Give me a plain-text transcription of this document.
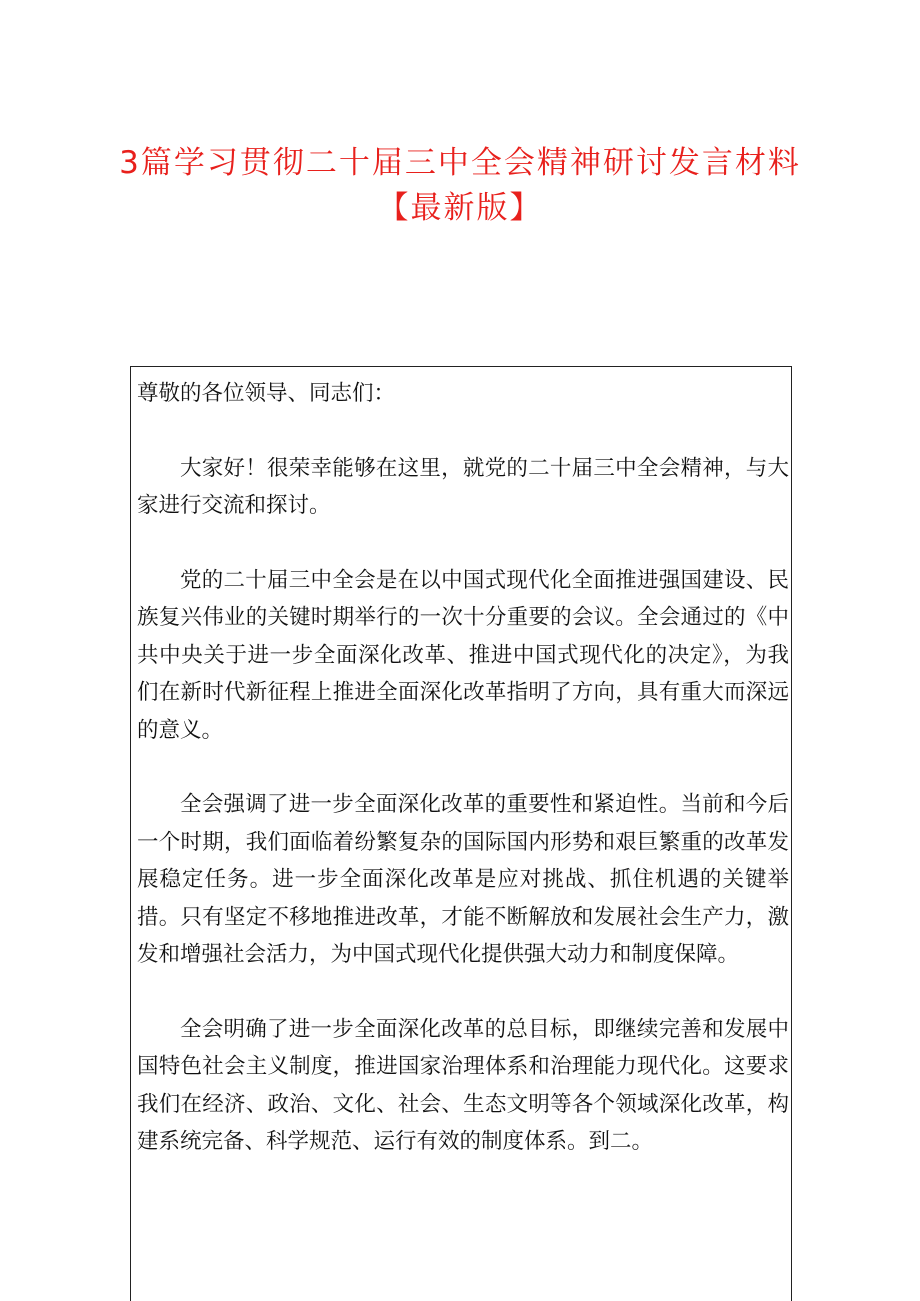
3篇学习贯彻二十届三中全会精神研讨发言材料
【最新版】

尊敬的各位领导、同志们：

大家好！很荣幸能够在这里，就党的二十届三中全会精神，与大家进行交流和探讨。

党的二十届三中全会是在以中国式现代化全面推进强国建设、民族复兴伟业的关键时期举行的一次十分重要的会议。全会通过的《中共中央关于进一步全面深化改革、推进中国式现代化的决定》，为我们在新时代新征程上推进全面深化改革指明了方向，具有重大而深远的意义。

全会强调了进一步全面深化改革的重要性和紧迫性。当前和今后一个时期，我们面临着纷繁复杂的国际国内形势和艰巨繁重的改革发展稳定任务。进一步全面深化改革是应对挑战、抓住机遇的关键举措。只有坚定不移地推进改革，才能不断解放和发展社会生产力，激发和增强社会活力，为中国式现代化提供强大动力和制度保障。

全会明确了进一步全面深化改革的总目标，即继续完善和发展中国特色社会主义制度，推进国家治理体系和治理能力现代化。这要求我们在经济、政治、文化、社会、生态文明等各个领域深化改革，构建系统完备、科学规范、运行有效的制度体系。到二。
